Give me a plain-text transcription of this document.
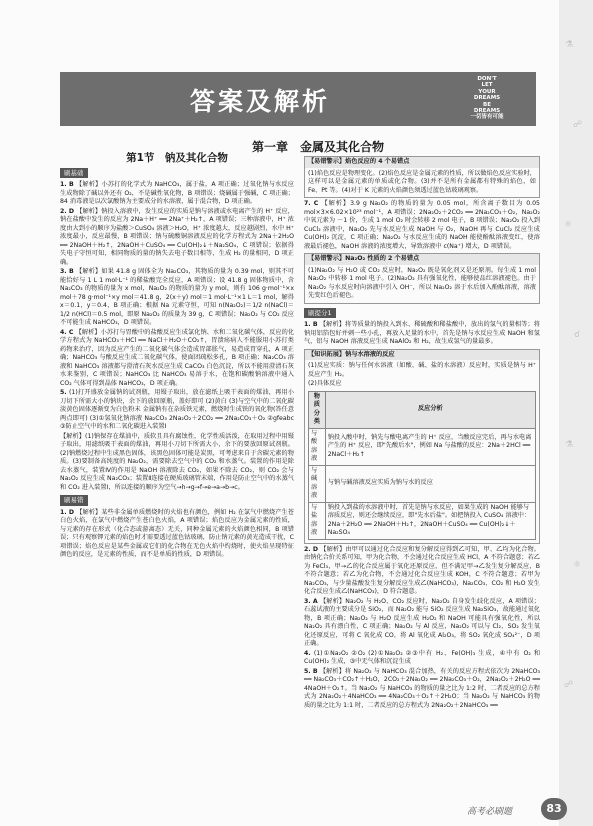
⚗
☍
⚛
☌
⚗
⚛
☍
答案及解析
DON'T
LET
YOUR
DREAMS
BE
DREAMS
一切皆有可能
第一章　金属及其化合物
第1节　钠及其化合物
刷基础
1. B 【解析】小苏打的化学式为 NaHCO₃，属于盐，A 项正确；过氧化钠与水反应生成物除了碱以外还有 O₂，不是碱性氧化物，B 项错误；烧碱属于强碱，C 项正确；84 消毒液是以次氯酸钠为主要成分的水溶液，属于混合物，D 项正确。
2. D 【解析】钠投入溶液中，发生反应的实质是钠与溶液或水电离产生的 H⁺ 反应，钠在盐酸中发生的反应为 2Na＋H⁺ ══ 2Na⁺＋H₂↑，A 项错误；三种溶液中，H⁺ 浓度由大到小的顺序为盐酸＞CuSO₄ 溶液＞H₂O，H⁺ 浓度越大，反应越剧烈，水中 H⁺ 浓度最小，反应最慢，B 项错误；钠与硫酸铜溶液反应的化学方程式为 2Na＋2H₂O ══ 2NaOH＋H₂↑，2NaOH＋CuSO₄ ══ Cu(OH)₂↓＋Na₂SO₄，C 项错误；依据得失电子守恒可知，相同物质的量的钠失去电子数目相等，生成 H₂ 的量相同，D 项正确。
3. B 【解析】如果 41.8 g 固体全为 Na₂CO₃，其物质的量为 0.39 mol，则其不可能恰好与 1 L 1 mol·L⁻¹ 的稀盐酸完全反应，A 项错误；设 41.8 g 固体物质中，含 Na₂CO₃ 的物质的量为 x mol，Na₂O₂ 的物质的量为 y mol，则有 106 g·mol⁻¹×x mol＋78 g·mol⁻¹×y mol＝41.8 g，2(x＋y) mol＝1 mol·L⁻¹×1 L＝1 mol，解得 x＝0.1，y＝0.4，B 项正确；根据 Na 元素守恒，可知 n(Na₂O₂)＝1/2 n(NaCl)＝1/2 n(HCl)＝0.5 mol，即原 Na₂O₂ 的质量为 39 g，C 项错误；Na₂O₂ 与 CO₂ 反应不可能生成 NaHCO₃，D 项错误。
4. C 【解析】小苏打与胃酸中的盐酸反应生成氯化钠、水和二氧化碳气体，反应的化学方程式为 NaHCO₃＋HCl ══ NaCl＋H₂O＋CO₂↑，胃溃疡病人不能服用小苏打类药物来治疗，因为反应产生的二氧化碳气体会造成胃部胀气，易造成胃穿孔，A 项正确；NaHCO₃ 与酸反应生成二氧化碳气体，使面团疏松多孔，B 项正确；Na₂CO₃ 溶液和 NaHCO₃ 溶液都与澄清石灰水反应生成 CaCO₃ 白色沉淀，所以不能用澄清石灰水来鉴别，C 项错误；NaHCO₃ 比 NaHCO₃ 易溶于水，在饱和碳酸钠溶液中通入 CO₂ 气体可得到晶体 NaHCO₃，D 项正确。
5. (1)打开盛放金属钠的试剂瓶，用镊子取出，放在滤纸上吸干表面的煤油，再用小刀切下所需大小的钠块，余下的放回原瓶，盖好即可 (2)黄白 (3)与空气中的二氧化碳 淡黄色固体逐渐变为白色粉末 金属钠有在杂质铁元素，燃烧时生成铁的氧化物(答任意两点即可) (3)①氢氧化钠溶液 Na₂CO₃ 2Na₂O₂＋2CO₂ ══ 2Na₂CO₃＋O₂ ②gfeabc ③防止空气中的水和二氧化碳进入装置Ⅰ
【解析】(1)钠保存在煤油中，质软且具有腐蚀性，化学性质活泼，在取用过程中用镊子取出，用滤纸吸干表面的煤油，再用小刀切下所需大小，余下的要放回原试剂瓶。(2)钠燃烧过程中生成黑色固体，该黑色固体可能是炭黑，可考虑来自于含碳元素的物质。(3)要制备高纯度的 Na₂O₂，需要除去空气中的 CO₂ 和水蒸气。装置的作用是除去水蒸气，装置Ⅳ的作用是 NaOH 溶液除去 CO₂，如果不除去 CO₂，则 CO₂ 会与 Na₂O₂ 反应生成 Na₂CO₃；装置Ⅱ连接在硬质玻璃管末端，作用是防止空气中的水蒸气和 CO₂ 进入装置Ⅰ，所以连接的顺序为空气→h→g→f→e→a→b→c。
刷易错
1. D 【解析】某些非金属单质燃烧时的火焰也有颜色，例如 H₂ 在氯气中燃烧产生苍白色火焰，在氯气中燃烧产生苍白色火焰，A 项错误；焰色反应为金属元素的性质，与元素的存在形式（化合态或游离态）无关，同种金属元素的火焰颜色相同，B 项错误；只有观察钾元素的焰色时才需要透过蓝色钴玻璃，防止钠元素的黄光造成干扰，C 项错误；焰色反应是某些金属或它们的化合物在无色火焰中灼烧时，使火焰呈现特征颜色的反应，是元素的性质，而不是单质的性质，D 项错误。
【易错警示】焰色反应的 4 个易错点
(1)焰色反应是物理变化。(2)焰色反应是金属元素的性质，所以做焰色反应实验时，这样可以是金属元素的单质或化合物。(3)并不是所有金属都有特殊的焰色，如 Fe、Pt 等。(4)对于 K 元素的火焰颜色须透过蓝色钴玻璃观察。
7. C 【解析】3.9 g Na₂O₂ 的物质的量为 0.05 mol，所含离子数目为 0.05 mol×3×6.02×10²³ mol⁻¹，A 项错误；2Na₂O₂＋2CO₂ ══ 2Na₂CO₃＋O₂，Na₂O₂ 中氧元素为 －1 价，生成 1 mol O₂ 时会转移 2 mol 电子，B 项错误；Na₂O₂ 投入到 CuCl₂ 溶液中，Na₂O₂ 先与水反应生成 NaOH 与 O₂，NaOH 再与 CuCl₂ 反应生成 Cu(OH)₂ 沉淀，C 项正确；Na₂O₂ 与水反应生成的 NaOH 能使酚酞溶液变红，使溶液最后褪色，NaOH 溶液的浓度增大，导致溶液中 c(Na⁺) 增大，D 项错误。
【易错警示】Na₂O₂ 性质的 2 个易错点
(1)Na₂O₂ 与 H₂O 或 CO₂ 反应时，Na₂O₂ 既是氧化剂又是还原剂。每生成 1 mol Na₂O₂ 中转移 1 mol 电子。(2)Na₂O₂ 具有强氧化性，能够使品红溶液褪色。由于 Na₂O₂ 与水反应时向溶液中引入 OH⁻，所以 Na₂O₂ 溶于水后加入酚酞溶液，溶液先变红色后褪色。
刷提分1
1. B 【解析】将等质量的钠投入到水、稀硫酸和稀盐酸中，放出的氢气的量相等；将钠用铝箔包好并刺一些小孔，再放入足量的水中，首先是钠与水反应生成 NaOH 和氢气，铝与 NaOH 溶液反应生成 NaAlO₂ 和 H₂，故生成氢气的量最多。
【知识拓展】钠与水溶液的反应
(1)反应实质：钠与任何水溶液（如酸、碱、盐的水溶液）反应时，实质是钠与 H⁺ 反应产生 H₂。
(2)具体反应
物质分类	反应分析
与酸溶液	钠投入酸中时，钠先与酸电离产生的 H⁺ 反应，当酸反应完后，再与水电离产生的 H⁺ 反应，即"先酸后水"，例如 Na 与盐酸的反应：2Na＋2HCl ══ 2NaCl＋H₂↑
与碱溶液	与钠与碱溶液反应实质为钠与水的反应
与盐溶液	钠投入到盐的水溶液中时，首先是钠与水反应，如果生成的 NaOH 能够与溶质反应，则还会继续反应，即"先水后盐"。如把钠投入 CuSO₄ 溶液中：2Na＋2H₂O ══ 2NaOH＋H₂↑，2NaOH＋CuSO₄ ══ Cu(OH)₂↓＋Na₂SO₄
2. D 【解析】由甲可以通过化合反应和复分解反应得到乙可知，甲、乙均为化合物。由钠化合价关系可知，甲为化合物，不会通过化合反应生成 HCl，A 不符合题意；若乙为 FeCl₃，甲→乙的化合反应属于氧化还原反应，但不满足甲→乙发生复分解反应，B 不符合题意；若乙为化合物，不会通过化合反应生成 KOH，C 不符合题意；若甲为 Na₂CO₃，与少量盐酸发生复分解反应生成乙(NaHCO₃)，Na₂CO₃、CO₂ 和 H₂O 发生化合反应生成乙(NaHCO₃)，D 符合题意。
3. A 【解析】Na₂O₂ 与 H₂O、CO₂ 反应时，Na₂O₂ 自身发生歧化反应，A 项错误；石蕊试液的主要成分是 SiO₂，而 Na₂O₂ 能与 SiO₂ 反应生成 Na₂SiO₃，故能通过氧化物，B 项正确；Na₂O₂ 与 H₂O 反应生成 H₂O₂ 和 NaOH 可能具有强氧化性，所以 Na₂O₂ 具有漂白性，C 项正确；Na₂O₂ 与 Al 反应，Na₂O₂ 可以与 Cl₂、SO₂ 发生氧化还原反应，可将 C 氧化成 CO，将 Al 氧化成 Al₂O₃，将 SO₂ 氧化成 SO₄²⁻，D 项正确。
4. (1)①Na₂O₂ ②O₂ (2)①Na₂O₂ ②③中有 H₂、Fe(OH)₃ 生成，④中有 O₂ 和 Cu(OH)₂ 生成，③中无气体和沉淀生成
5. B 【解析】将 Na₂O₂ 与 NaHCO₃ 混合加热，有关的反应方程式依次为 2NaHCO₃ ══ Na₂CO₃＋CO₂↑＋H₂O，2CO₂＋2Na₂O₂ ══ 2Na₂CO₃＋O₂，2Na₂O₂＋2H₂O ══ 4NaOH＋O₂↑。当 Na₂O₂ 与 NaHCO₃ 的物质的量之比为 1:2 时，二者反应的总方程式为 2Na₂O₂＋4NaHCO₃ ══ 4Na₂CO₃＋O₂↑＋2H₂O；当 Na₂O₂ 与 NaHCO₃ 的物质的量之比为 1:1 时，二者反应的总方程式为 2Na₂O₂＋2NaHCO₃ ══
高考必刷题	83
